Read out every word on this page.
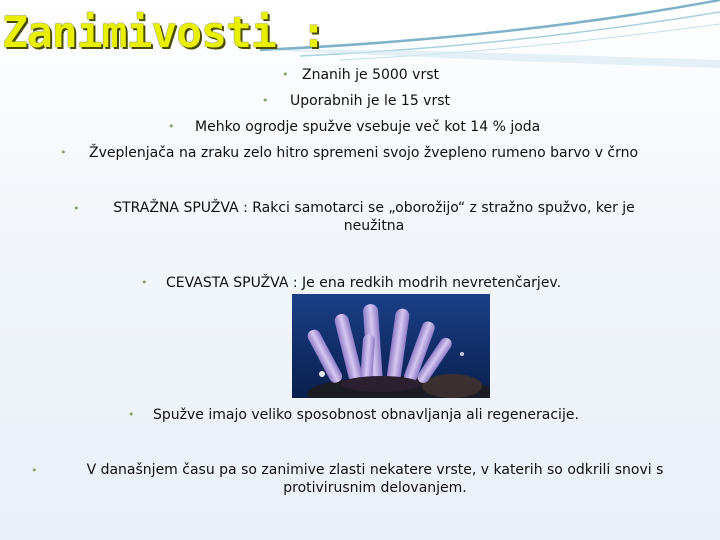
Zanimivosti :
• Znanih je 5000 vrst
• Uporabnih je le 15 vrst
• Mehko ogrodje spužve vsebuje več kot 14 % joda
• Žveplenjača na zraku zelo hitro spremeni svojo žvepleno rumeno barvo v črno
•	STRAŽNA SPUŽVA : Rakci samotarci se „oborožijo“ z stražno spužvo, ker je neužitna
• CEVASTA SPUŽVA : Je ena redkih modrih nevretenčarjev.
• Spužve imajo veliko sposobnost obnavljanja ali regeneracije.
•	V današnjem času pa so zanimive zlasti nekatere vrste, v katerih so odkrili snovi s protivirusnim delovanjem.
